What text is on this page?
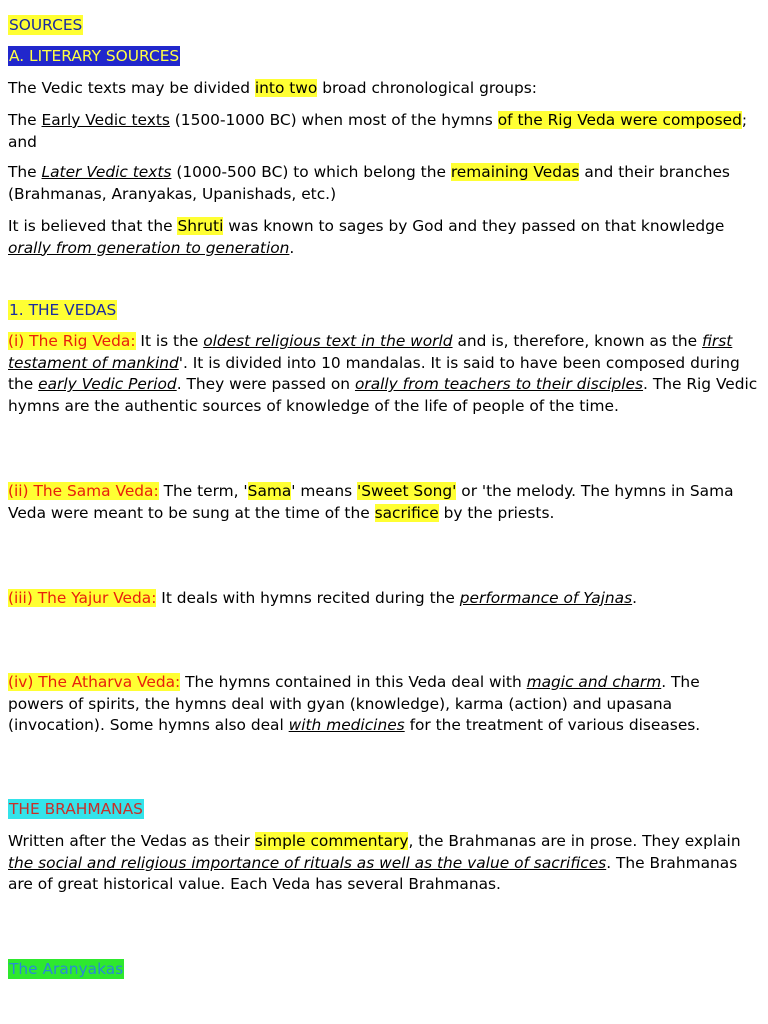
SOURCES
A. LITERARY SOURCES

The Vedic texts may be divided into two broad chronological groups:

The Early Vedic texts (1500-1000 BC) when most of the hymns of the Rig Veda were composed; and

The Later Vedic texts (1000-500 BC) to which belong the remaining Vedas and their branches (Brahmanas, Aranyakas, Upanishads, etc.)

It is believed that the Shruti was known to sages by God and they passed on that knowledge orally from generation to generation.

1. THE VEDAS

(i) The Rig Veda: It is the oldest religious text in the world and is, therefore, known as the first testament of mankind'. It is divided into 10 mandalas. It is said to have been composed during the early Vedic Period. They were passed on orally from teachers to their disciples. The Rig Vedic hymns are the authentic sources of knowledge of the life of people of the time.

(ii) The Sama Veda: The term, 'Sama' means 'Sweet Song' or 'the melody. The hymns in Sama Veda were meant to be sung at the time of the sacrifice by the priests.

(iii) The Yajur Veda: It deals with hymns recited during the performance of Yajnas.

(iv) The Atharva Veda: The hymns contained in this Veda deal with magic and charm. The powers of spirits, the hymns deal with gyan (knowledge), karma (action) and upasana (invocation). Some hymns also deal with medicines for the treatment of various diseases.

THE BRAHMANAS

Written after the Vedas as their simple commentary, the Brahmanas are in prose. They explain the social and religious importance of rituals as well as the value of sacrifices. The Brahmanas are of great historical value. Each Veda has several Brahmanas.

The Aranyakas
